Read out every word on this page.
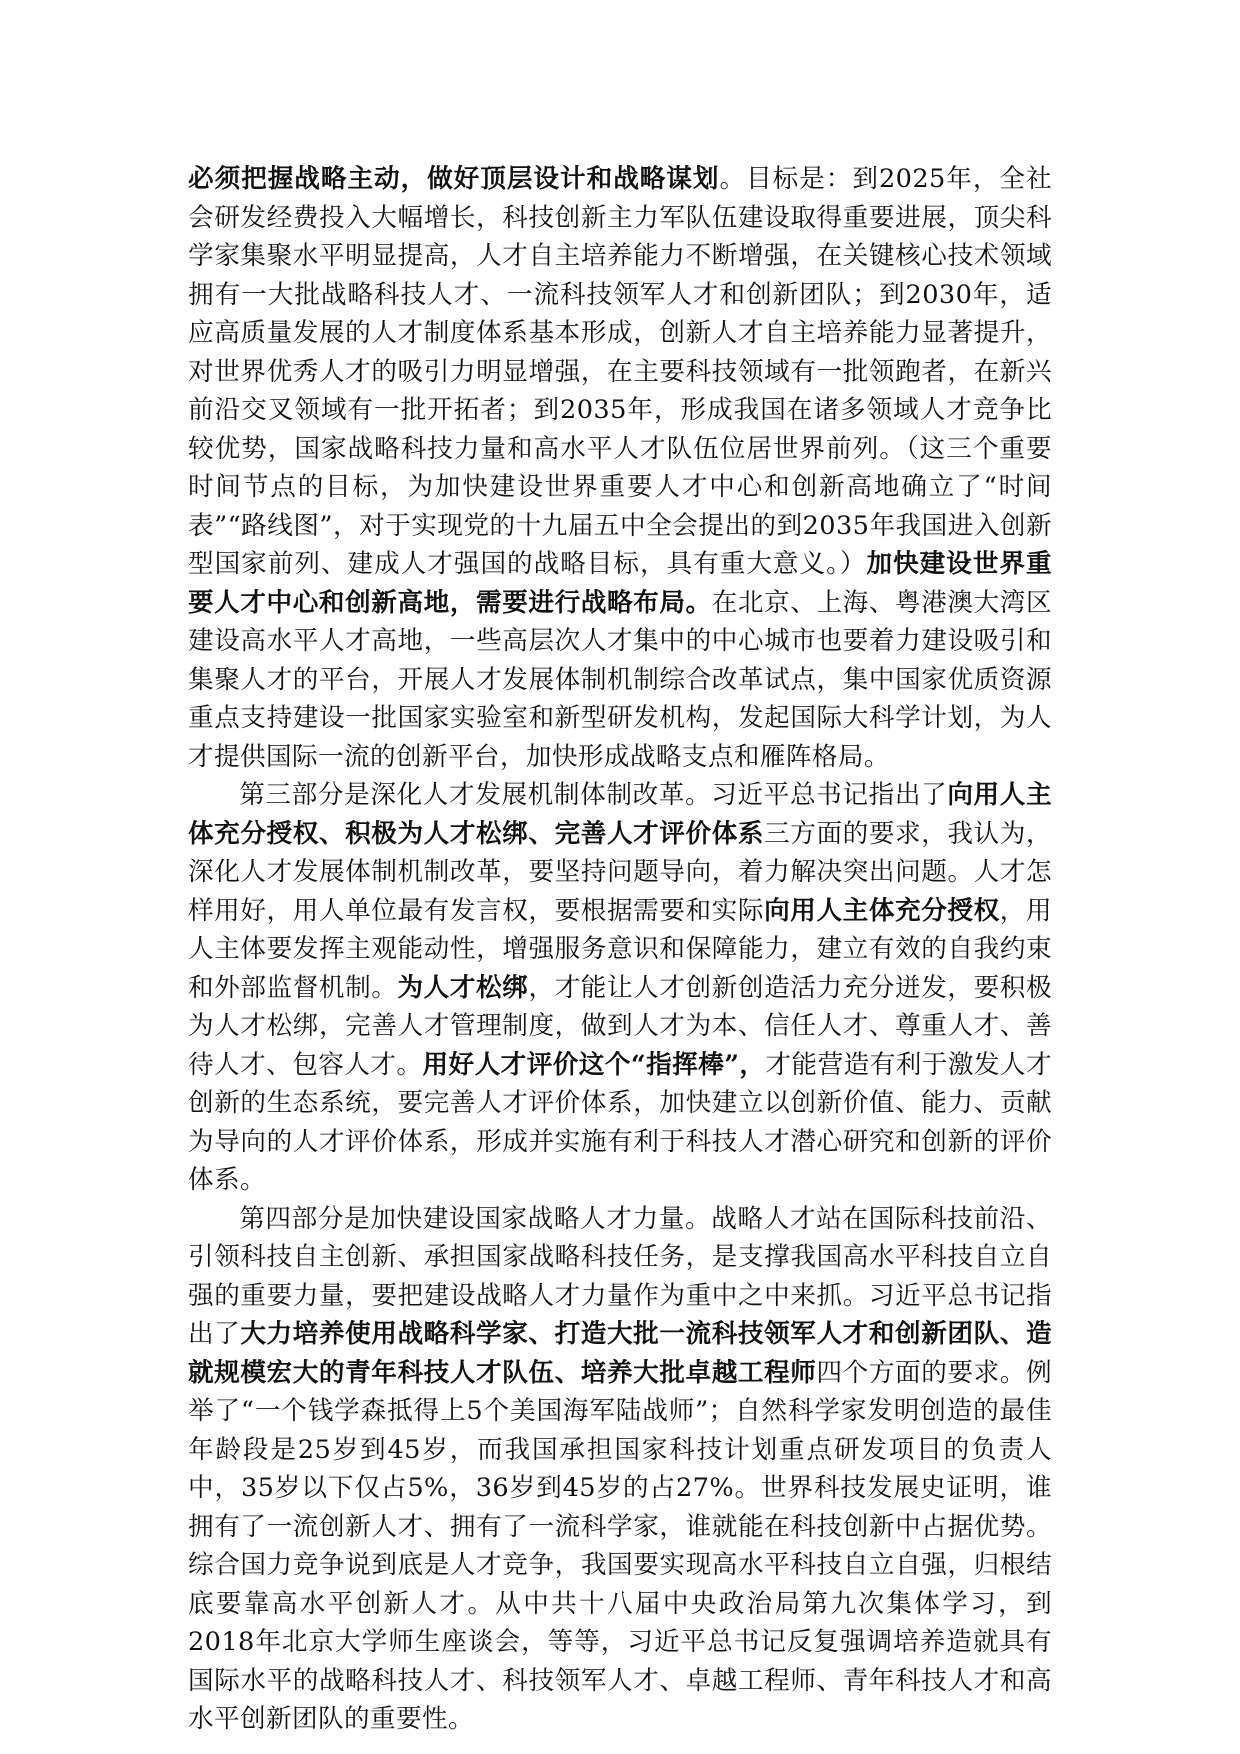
必须把握战略主动，做好顶层设计和战略谋划。目标是：到2025年，全社会研发经费投入大幅增长，科技创新主力军队伍建设取得重要进展，顶尖科学家集聚水平明显提高，人才自主培养能力不断增强，在关键核心技术领域拥有一大批战略科技人才、一流科技领军人才和创新团队；到2030年，适应高质量发展的人才制度体系基本形成，创新人才自主培养能力显著提升，对世界优秀人才的吸引力明显增强，在主要科技领域有一批领跑者，在新兴前沿交叉领域有一批开拓者；到2035年，形成我国在诸多领域人才竞争比较优势，国家战略科技力量和高水平人才队伍位居世界前列。（这三个重要时间节点的目标，为加快建设世界重要人才中心和创新高地确立了“时间表”“路线图”，对于实现党的十九届五中全会提出的到2035年我国进入创新型国家前列、建成人才强国的战略目标，具有重大意义。）加快建设世界重要人才中心和创新高地，需要进行战略布局。在北京、上海、粤港澳大湾区建设高水平人才高地，一些高层次人才集中的中心城市也要着力建设吸引和集聚人才的平台，开展人才发展体制机制综合改革试点，集中国家优质资源重点支持建设一批国家实验室和新型研发机构，发起国际大科学计划，为人才提供国际一流的创新平台，加快形成战略支点和雁阵格局。

第三部分是深化人才发展机制体制改革。习近平总书记指出了向用人主体充分授权、积极为人才松绑、完善人才评价体系三方面的要求，我认为，深化人才发展体制机制改革，要坚持问题导向，着力解决突出问题。人才怎样用好，用人单位最有发言权，要根据需要和实际向用人主体充分授权，用人主体要发挥主观能动性，增强服务意识和保障能力，建立有效的自我约束和外部监督机制。为人才松绑，才能让人才创新创造活力充分迸发，要积极为人才松绑，完善人才管理制度，做到人才为本、信任人才、尊重人才、善待人才、包容人才。用好人才评价这个“指挥棒”，才能营造有利于激发人才创新的生态系统，要完善人才评价体系，加快建立以创新价值、能力、贡献为导向的人才评价体系，形成并实施有利于科技人才潜心研究和创新的评价体系。

第四部分是加快建设国家战略人才力量。战略人才站在国际科技前沿、引领科技自主创新、承担国家战略科技任务，是支撑我国高水平科技自立自强的重要力量，要把建设战略人才力量作为重中之中来抓。习近平总书记指出了大力培养使用战略科学家、打造大批一流科技领军人才和创新团队、造就规模宏大的青年科技人才队伍、培养大批卓越工程师四个方面的要求。例举了“一个钱学森抵得上5个美国海军陆战师”；自然科学家发明创造的最佳年龄段是25岁到45岁，而我国承担国家科技计划重点研发项目的负责人中，35岁以下仅占5%，36岁到45岁的占27%。世界科技发展史证明，谁拥有了一流创新人才、拥有了一流科学家，谁就能在科技创新中占据优势。综合国力竞争说到底是人才竞争，我国要实现高水平科技自立自强，归根结底要靠高水平创新人才。从中共十八届中央政治局第九次集体学习，到2018年北京大学师生座谈会，等等，习近平总书记反复强调培养造就具有国际水平的战略科技人才、科技领军人才、卓越工程师、青年科技人才和高水平创新团队的重要性。
